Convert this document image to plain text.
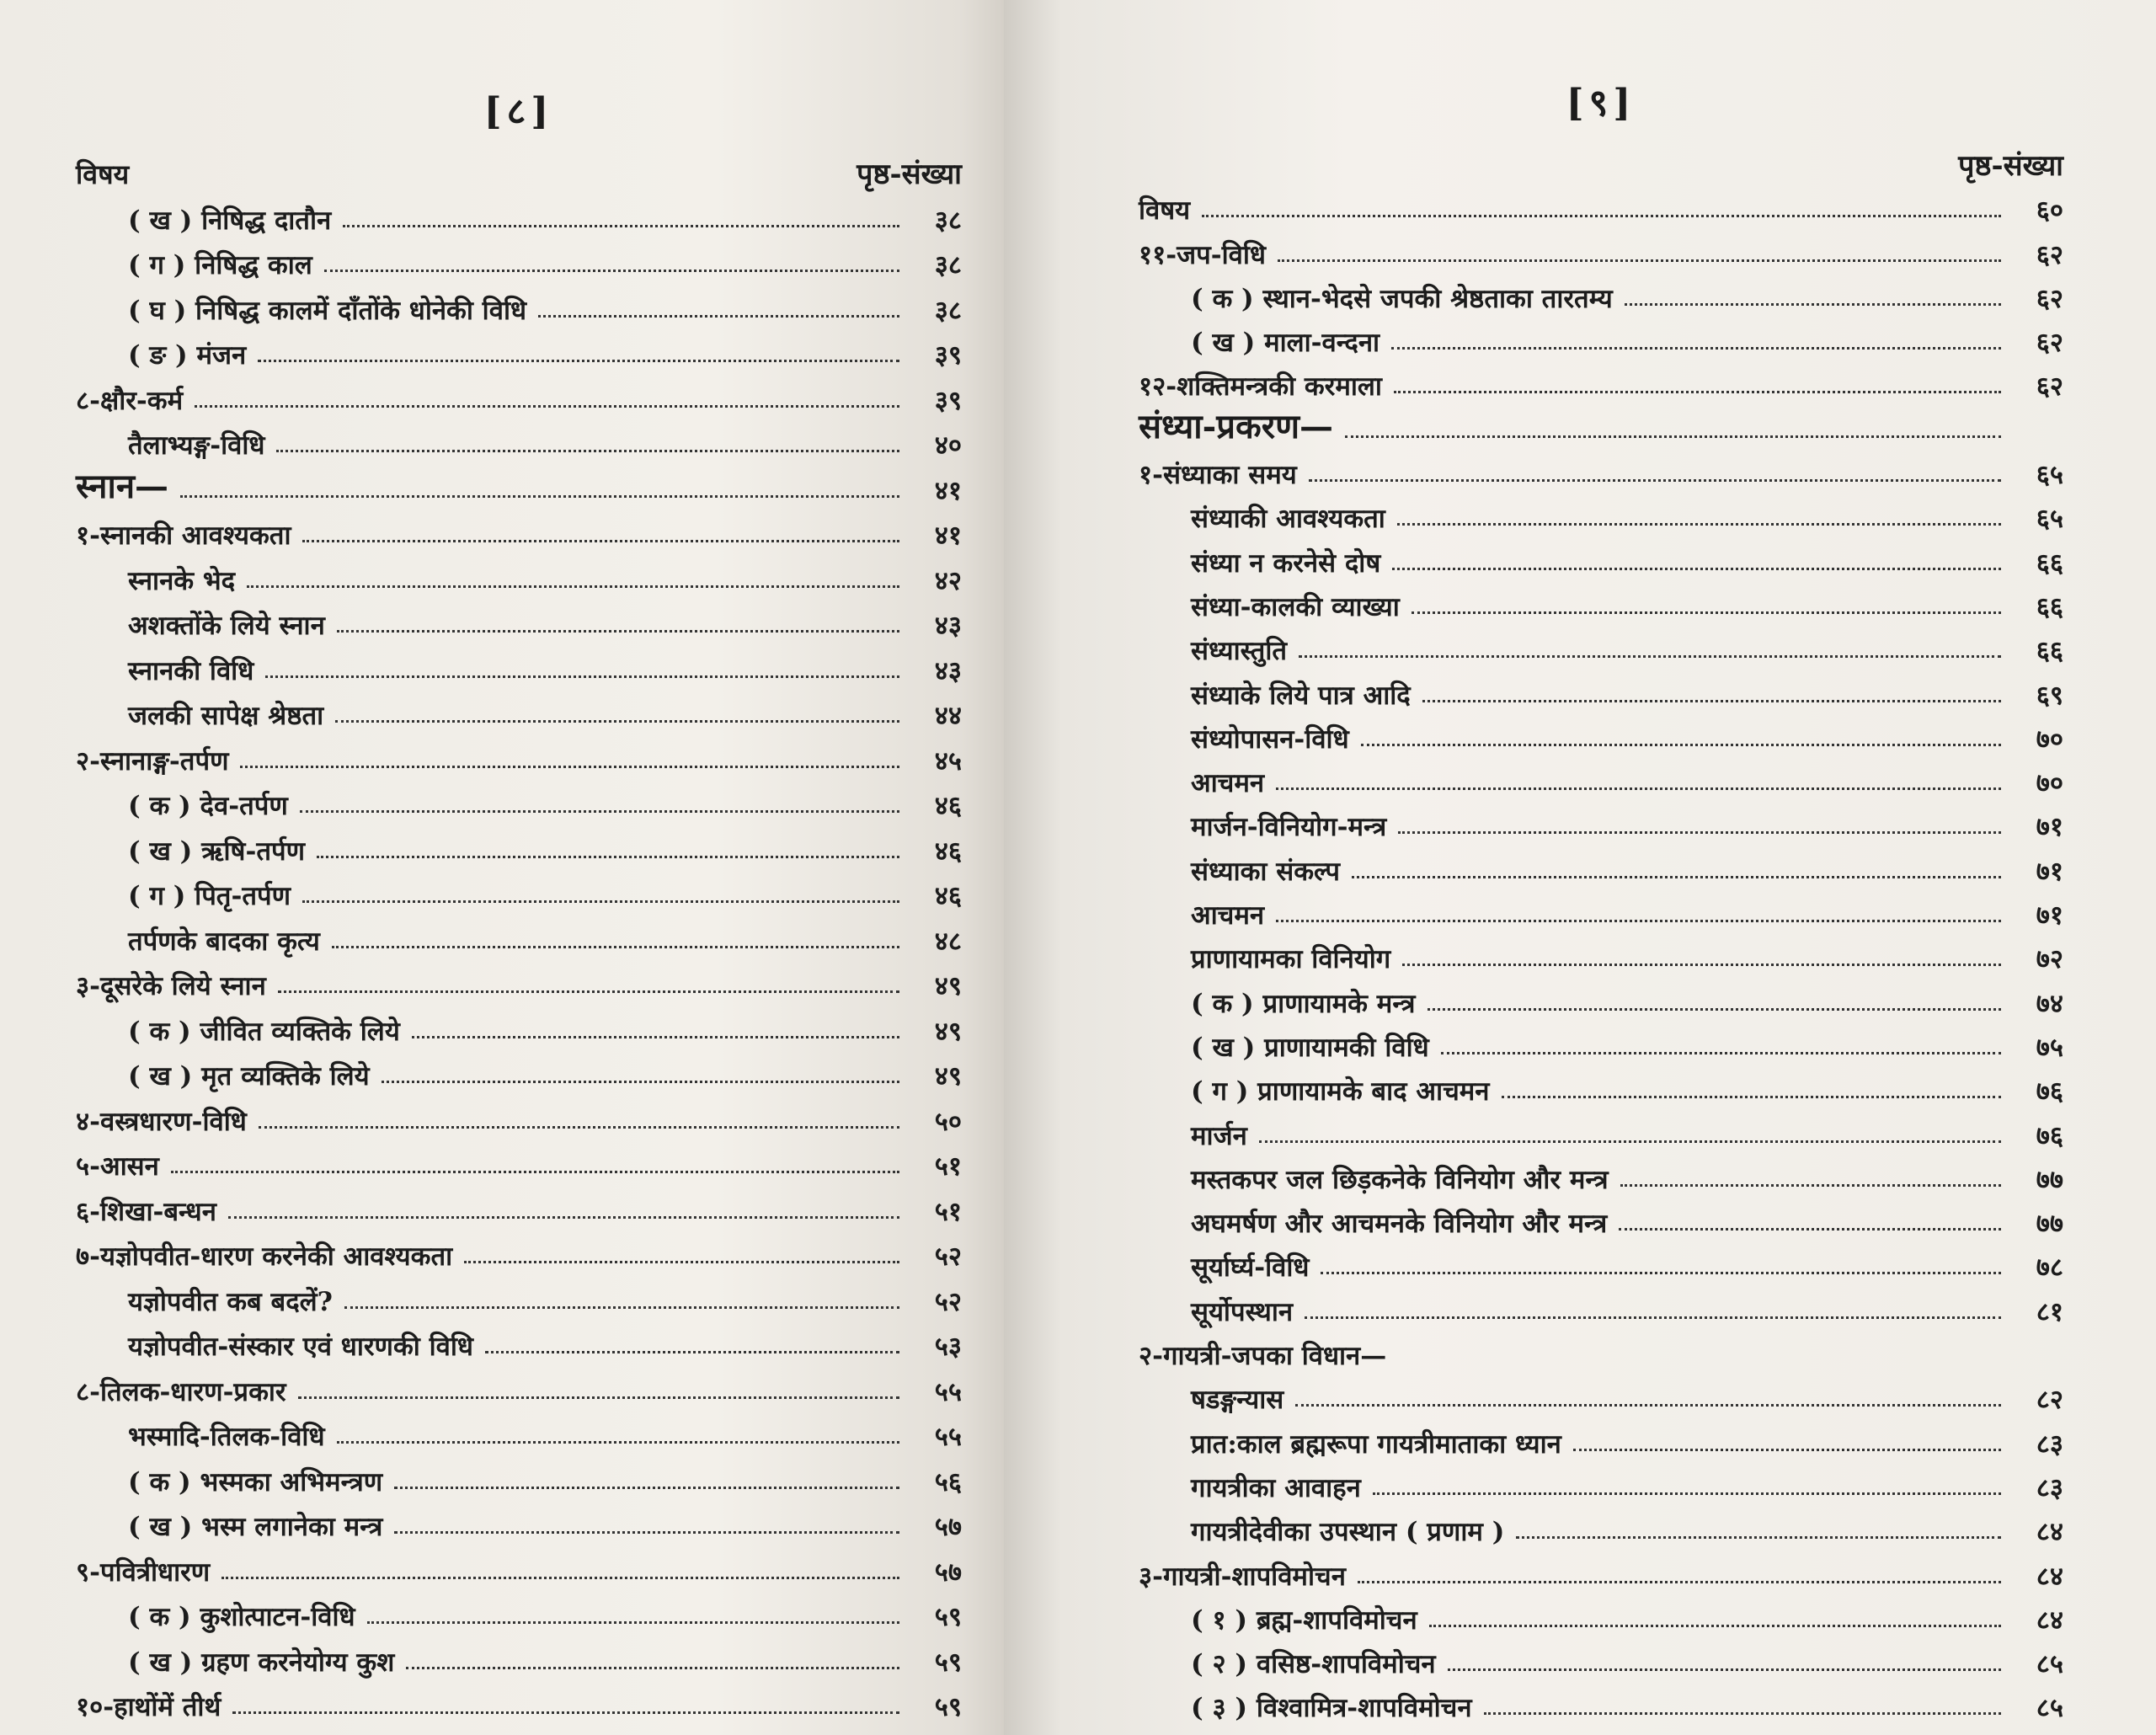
[८]
विषय	पृष्ठ-संख्या
( ख ) निषिद्ध दातौन	३८
( ग ) निषिद्ध काल	३८
( घ ) निषिद्ध कालमें दाँतोंके धोनेकी विधि	३८
( ङ ) मंजन	३९
८-क्षौर-कर्म	३९
तैलाभ्यङ्ग-विधि	४०
स्नान—	४१
१-स्नानकी आवश्यकता	४१
स्नानके भेद	४२
अशक्तोंके लिये स्नान	४३
स्नानकी विधि	४३
जलकी सापेक्ष श्रेष्ठता	४४
२-स्नानाङ्ग-तर्पण	४५
( क ) देव-तर्पण	४६
( ख ) ऋषि-तर्पण	४६
( ग ) पितृ-तर्पण	४६
तर्पणके बादका कृत्य	४८
३-दूसरेके लिये स्नान	४९
( क ) जीवित व्यक्तिके लिये	४९
( ख ) मृत व्यक्तिके लिये	४९
४-वस्त्रधारण-विधि	५०
५-आसन	५१
६-शिखा-बन्धन	५१
७-यज्ञोपवीत-धारण करनेकी आवश्यकता	५२
यज्ञोपवीत कब बदलें?	५२
यज्ञोपवीत-संस्कार एवं धारणकी विधि	५३
८-तिलक-धारण-प्रकार	५५
भस्मादि-तिलक-विधि	५५
( क ) भस्मका अभिमन्त्रण	५६
( ख ) भस्म लगानेका मन्त्र	५७
९-पवित्रीधारण	५७
( क ) कुशोत्पाटन-विधि	५९
( ख ) ग्रहण करनेयोग्य कुश	५९
१०-हाथोंमें तीर्थ	५९
[९]
पृष्ठ-संख्या
विषय	६०
११-जप-विधि	६२
( क ) स्थान-भेदसे जपकी श्रेष्ठताका तारतम्य	६२
( ख ) माला-वन्दना	६२
१२-शक्तिमन्त्रकी करमाला	६२
संध्या-प्रकरण—
१-संध्याका समय	६५
संध्याकी आवश्यकता	६५
संध्या न करनेसे दोष	६६
संध्या-कालकी व्याख्या	६६
संध्यास्तुति	६६
संध्याके लिये पात्र आदि	६९
संध्योपासन-विधि	७०
आचमन	७०
मार्जन-विनियोग-मन्त्र	७१
संध्याका संकल्प	७१
आचमन	७१
प्राणायामका विनियोग	७२
( क ) प्राणायामके मन्त्र	७४
( ख ) प्राणायामकी विधि	७५
( ग ) प्राणायामके बाद आचमन	७६
मार्जन	७६
मस्तकपर जल छिड़कनेके विनियोग और मन्त्र	७७
अघमर्षण और आचमनके विनियोग और मन्त्र	७७
सूर्यार्घ्य-विधि	७८
सूर्योपस्थान	८१
२-गायत्री-जपका विधान—
षडङ्गन्यास	८२
प्रात:काल ब्रह्मरूपा गायत्रीमाताका ध्यान	८३
गायत्रीका आवाहन	८३
गायत्रीदेवीका उपस्थान ( प्रणाम )	८४
३-गायत्री-शापविमोचन	८४
( १ ) ब्रह्म-शापविमोचन	८४
( २ ) वसिष्ठ-शापविमोचन	८५
( ३ ) विश्वामित्र-शापविमोचन	८५
